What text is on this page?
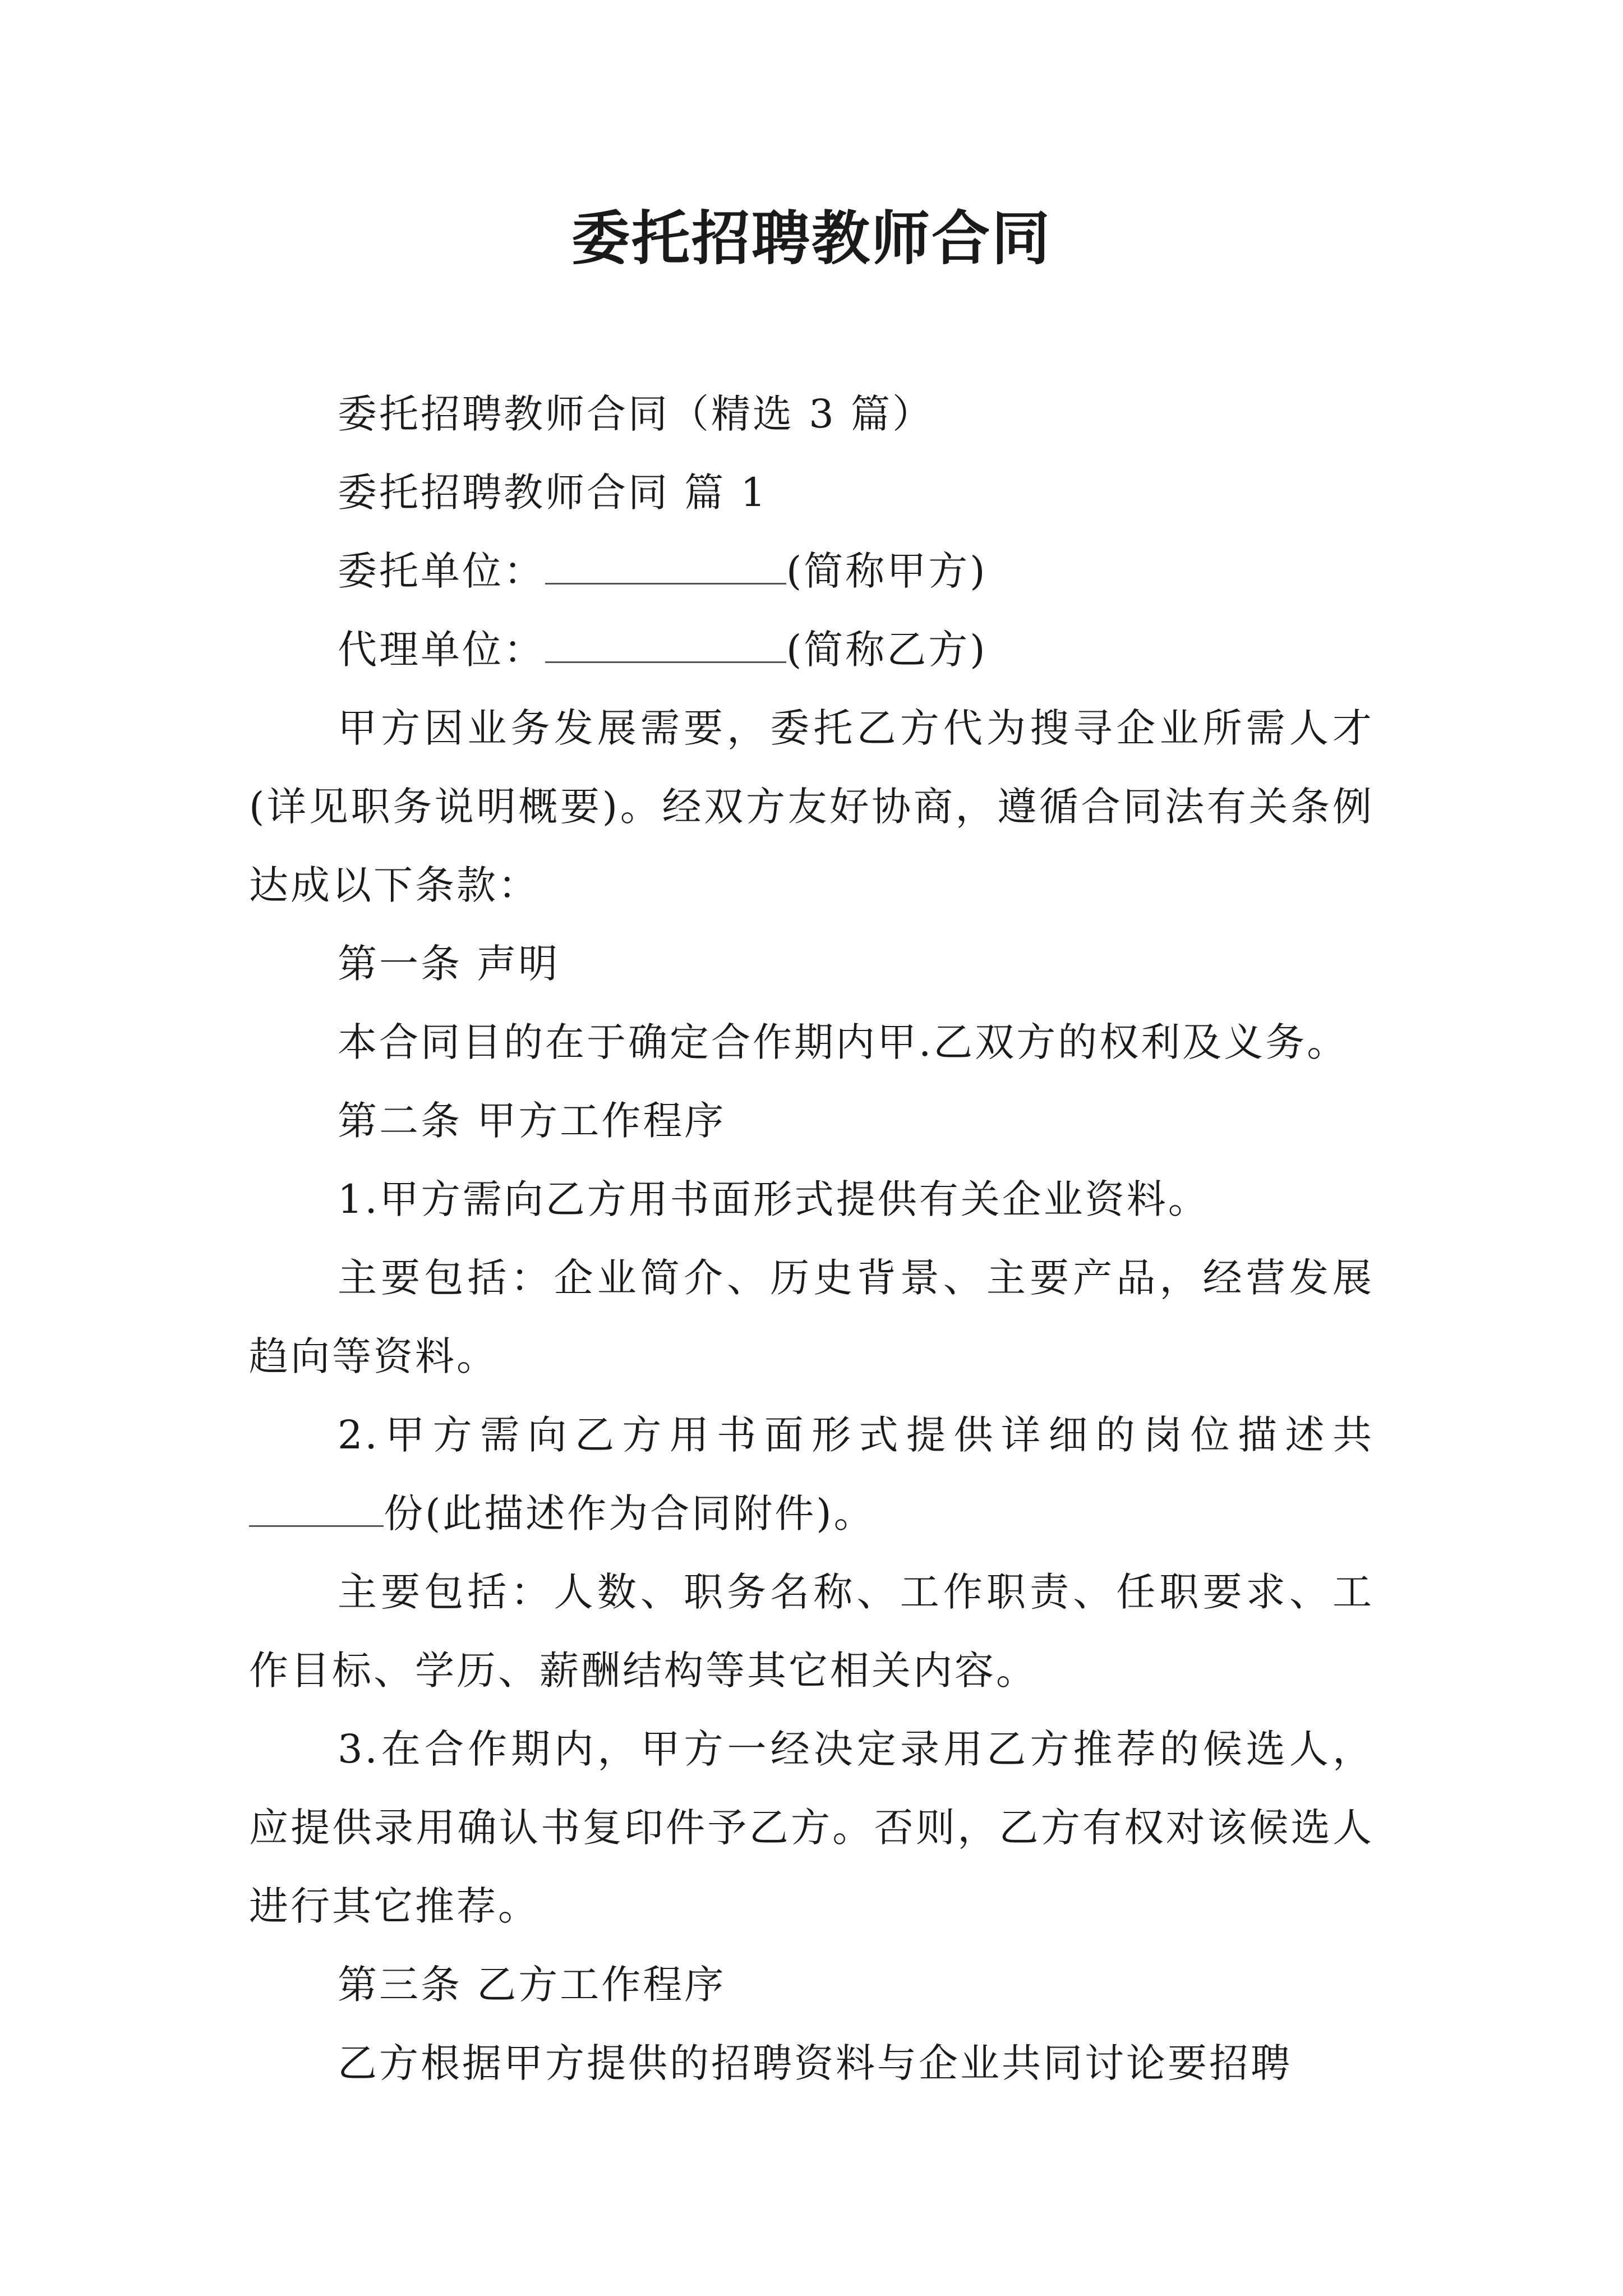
委托招聘教师合同

委托招聘教师合同（精选 3 篇）

委托招聘教师合同 篇 1

委托单位：	(简称甲方)

代理单位：	(简称乙方)

甲方因业务发展需要，委托乙方代为搜寻企业所需人才(详见职务说明概要)。经双方友好协商，遵循合同法有关条例达成以下条款：

第一条 声明

本合同目的在于确定合作期内甲.乙双方的权利及义务。

第二条 甲方工作程序

1.甲方需向乙方用书面形式提供有关企业资料。

主要包括：企业简介、历史背景、主要产品，经营发展趋向等资料。

2.甲方需向乙方用书面形式提供详细的岗位描述共份(此描述作为合同附件)。

主要包括：人数、职务名称、工作职责、任职要求、工作目标、学历、薪酬结构等其它相关内容。

3.在合作期内，甲方一经决定录用乙方推荐的候选人，应提供录用确认书复印件予乙方。否则，乙方有权对该候选人进行其它推荐。

第三条 乙方工作程序

乙方根据甲方提供的招聘资料与企业共同讨论要招聘
